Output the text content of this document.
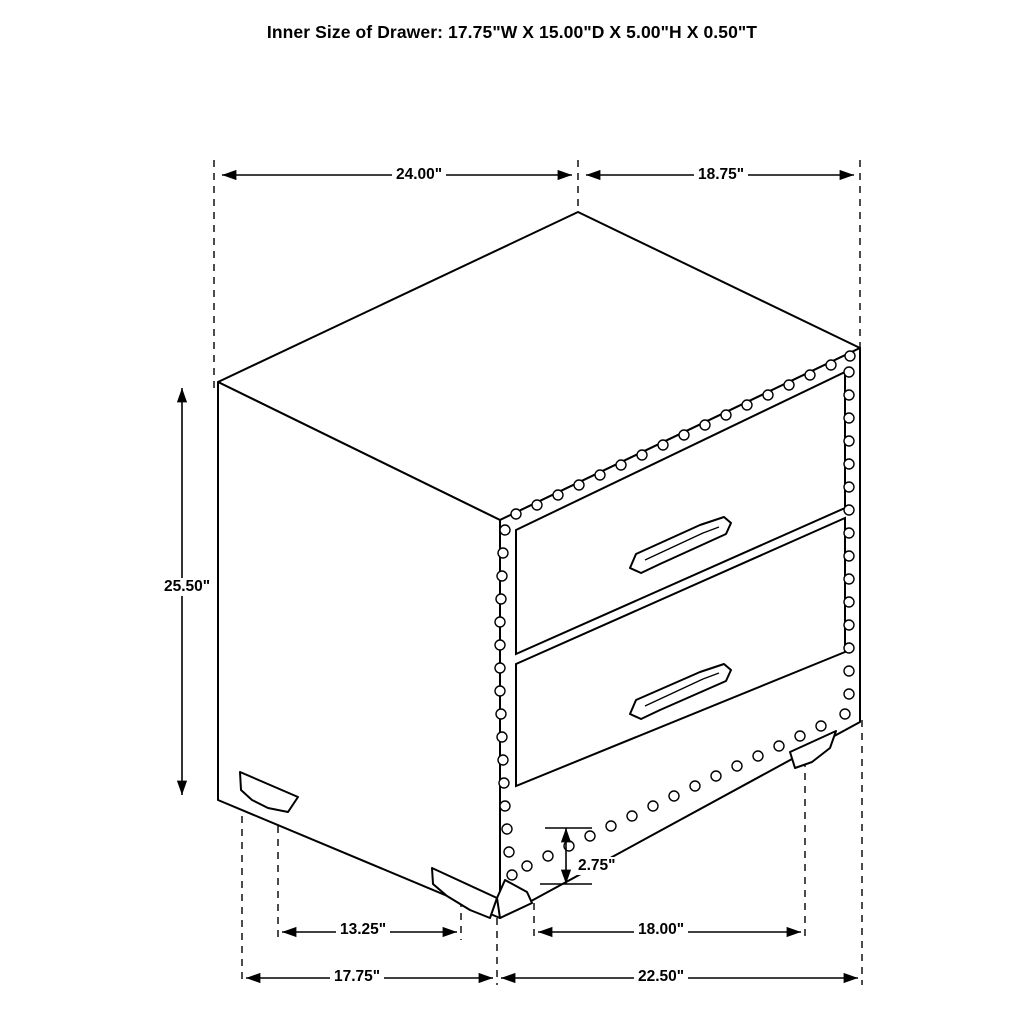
Inner Size of Drawer: 17.75"W X 15.00"D X 5.00"H X 0.50"T
24.00"	18.75"
25.50"
2.75"
13.25"	18.00"
17.75"	22.50"
